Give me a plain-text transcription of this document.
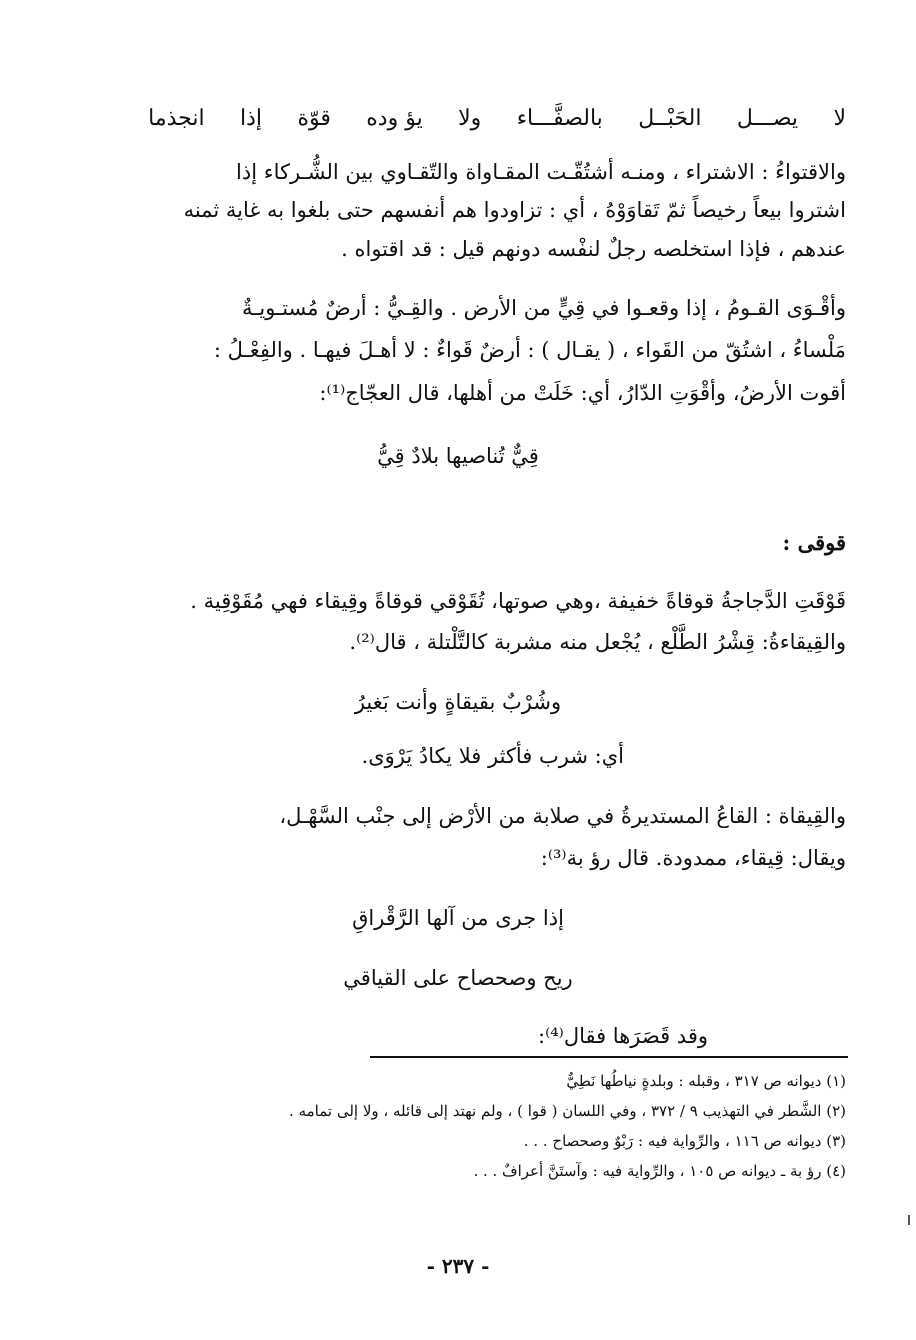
لا
يصـــل
الحَبْــل
بالصفَّـــاء
ولا
يؤ وده
قوّة
إذا
انجذما

والاقتواءُ : الاشتراء ، ومنـه أشتُقّـت المقـاواة والتّقـاوي بين الشُّـركاء إذا

اشتروا بيعاً رخيصاً ثمّ تَقاوَوْهُ ، أي : تزاودوا هم أنفسهم حتى بلغوا به غاية ثمنه

عندهم ، فإذا استخلصه رجلٌ لنفْسه دونهم قيل : قد اقتواه .

وأقْـوَى القـومُ ، إذا وقعـوا في قِيٍّ من الأرض . والقِـيُّ : أرضٌ مُستـويـةٌ

مَلْساءُ ، اشتُقّ من القَواء ، ( يقـال ) : أرضٌ قَواءٌ : لا أهـلَ فيهـا . والفِعْـلُ :

أقوت الأرضُ، وأقْوَتِ الدّارُ، أي: خَلَتْ من أهلها، قال العجّاج⁽¹⁾:

قِيٌّ تُناصيها بلادٌ قِيُّ

قوقى :

قَوْقَتِ الدَّجاجةُ قوقاةً خفيفة ،وهي صوتها، تُقَوْقي قوقاةً وقِيقاء فهي مُقَوْقِية .

والقِيقاءةُ: قِشْرُ الطَّلْع ، يُجْعل منه مشربة كالتَّلْتلة ، قال⁽²⁾.

وشُرْبٌ بقيقاةٍ وأنت بَغيرُ

أي: شرب فأكثر فلا يكادُ يَرْوَى.

والقِيقاة : القاعُ المستديرةُ في صلابة من الأرْض إلى جنْب السَّهْـل،

ويقال: قِيقاء، ممدودة. قال رؤ بة⁽³⁾:

إذا جرى من آلها الرَّقْراقِ

ريح وصحصاح على القياقي

وقد قَصَرَها فقال⁽⁴⁾:

(١) ديوانه ص ٣١٧ ، وقبله : وبلدةٍ نياطُها نَطِيٌّ

(٢) الشَّطر في التهذيب ٩ / ٣٧٢ ، وفي اللسان ( قوا ) ، ولم نهتد إلى قائله ، ولا إلى تمامه .

(٣) ديوانه ص ١١٦ ، والرِّواية فيه : رَبْوٌ وصحصاح . . .

(٤) رؤ بة ـ ديوانه ص ١٠٥ ، والرِّواية فيه : وآستَنَّ أعرافٌ . . .

- ٢٣٧ -
